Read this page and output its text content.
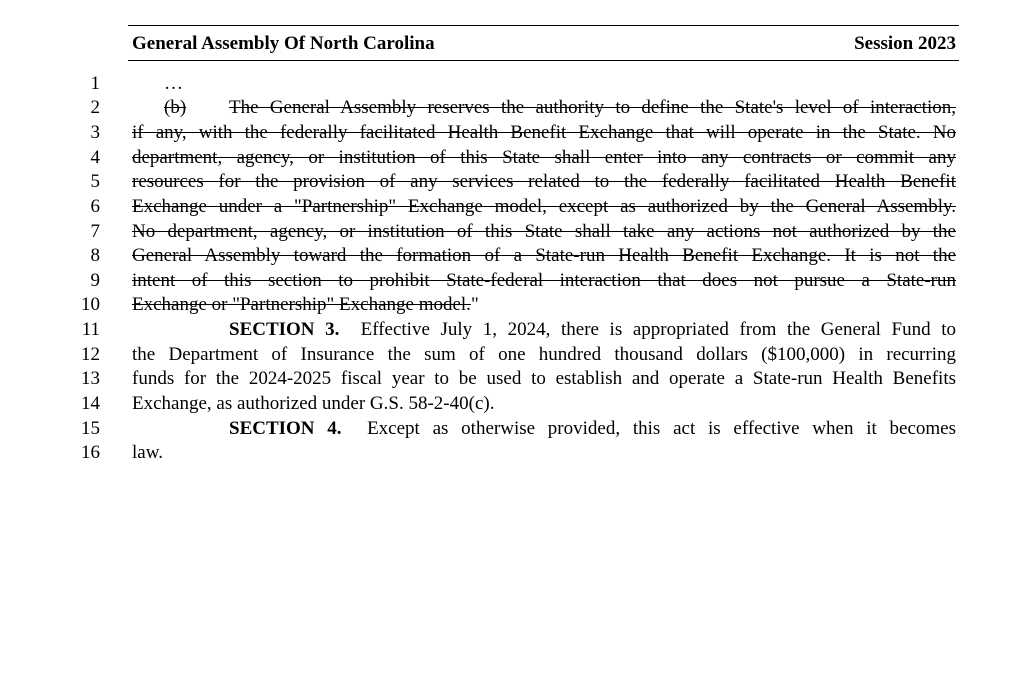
General Assembly Of North Carolina	Session 2023
1
2
3
4
5
6
7
8
9
10
11
12
13
14
15
16
…
(b) The General Assembly reserves the authority to define the State's level of interaction,
if any, with the federally facilitated Health Benefit Exchange that will operate in the State. No
department, agency, or institution of this State shall enter into any contracts or commit any
resources for the provision of any services related to the federally facilitated Health Benefit
Exchange under a "Partnership" Exchange model, except as authorized by the General Assembly.
No department, agency, or institution of this State shall take any actions not authorized by the
General Assembly toward the formation of a State-run Health Benefit Exchange. It is not the
intent of this section to prohibit State-federal interaction that does not pursue a State-run
Exchange or "Partnership" Exchange model."
SECTION 3. Effective July 1, 2024, there is appropriated from the General Fund to
the Department of Insurance the sum of one hundred thousand dollars ($100,000) in recurring
funds for the 2024-2025 fiscal year to be used to establish and operate a State-run Health Benefits
Exchange, as authorized under G.S. 58-2-40(c).
SECTION 4. Except as otherwise provided, this act is effective when it becomes
law.
